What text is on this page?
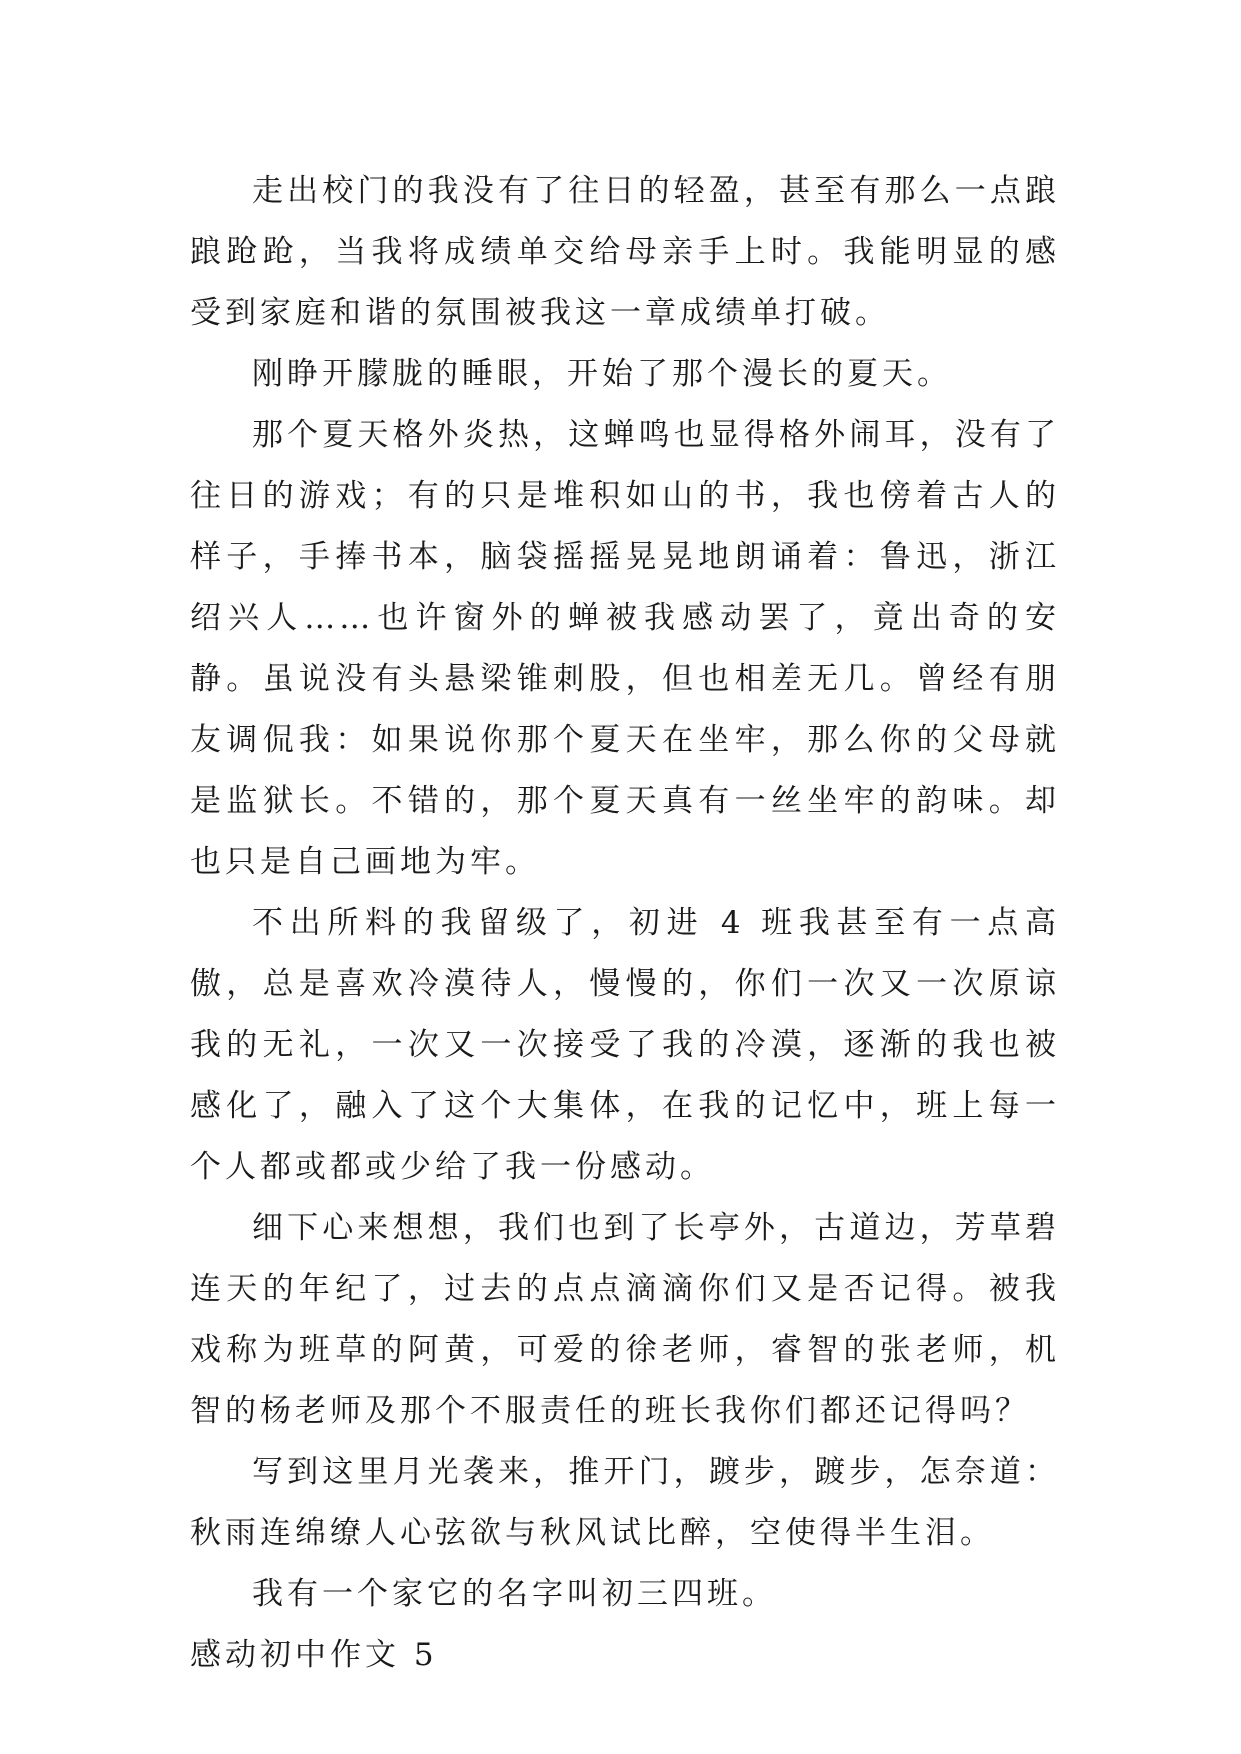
走出校门的我没有了往日的轻盈，甚至有那么一点踉踉跄跄，当我将成绩单交给母亲手上时。我能明显的感受到家庭和谐的氛围被我这一章成绩单打破。

刚睁开朦胧的睡眼，开始了那个漫长的夏天。

那个夏天格外炎热，这蝉鸣也显得格外闹耳，没有了往日的游戏；有的只是堆积如山的书，我也傍着古人的样子，手捧书本，脑袋摇摇晃晃地朗诵着：鲁迅，浙江绍兴人……也许窗外的蝉被我感动罢了，竟出奇的安静。虽说没有头悬梁锥刺股，但也相差无几。曾经有朋友调侃我：如果说你那个夏天在坐牢，那么你的父母就是监狱长。不错的，那个夏天真有一丝坐牢的韵味。却也只是自己画地为牢。

不出所料的我留级了，初进 4 班我甚至有一点高傲，总是喜欢冷漠待人，慢慢的，你们一次又一次原谅我的无礼，一次又一次接受了我的冷漠，逐渐的我也被感化了，融入了这个大集体，在我的记忆中，班上每一个人都或都或少给了我一份感动。

细下心来想想，我们也到了长亭外，古道边，芳草碧连天的年纪了，过去的点点滴滴你们又是否记得。被我戏称为班草的阿黄，可爱的徐老师，睿智的张老师，机智的杨老师及那个不服责任的班长我你们都还记得吗？

写到这里月光袭来，推开门，踱步，踱步，怎奈道：秋雨连绵缭人心弦欲与秋风试比醉，空使得半生泪。

我有一个家它的名字叫初三四班。

感动初中作文 5
